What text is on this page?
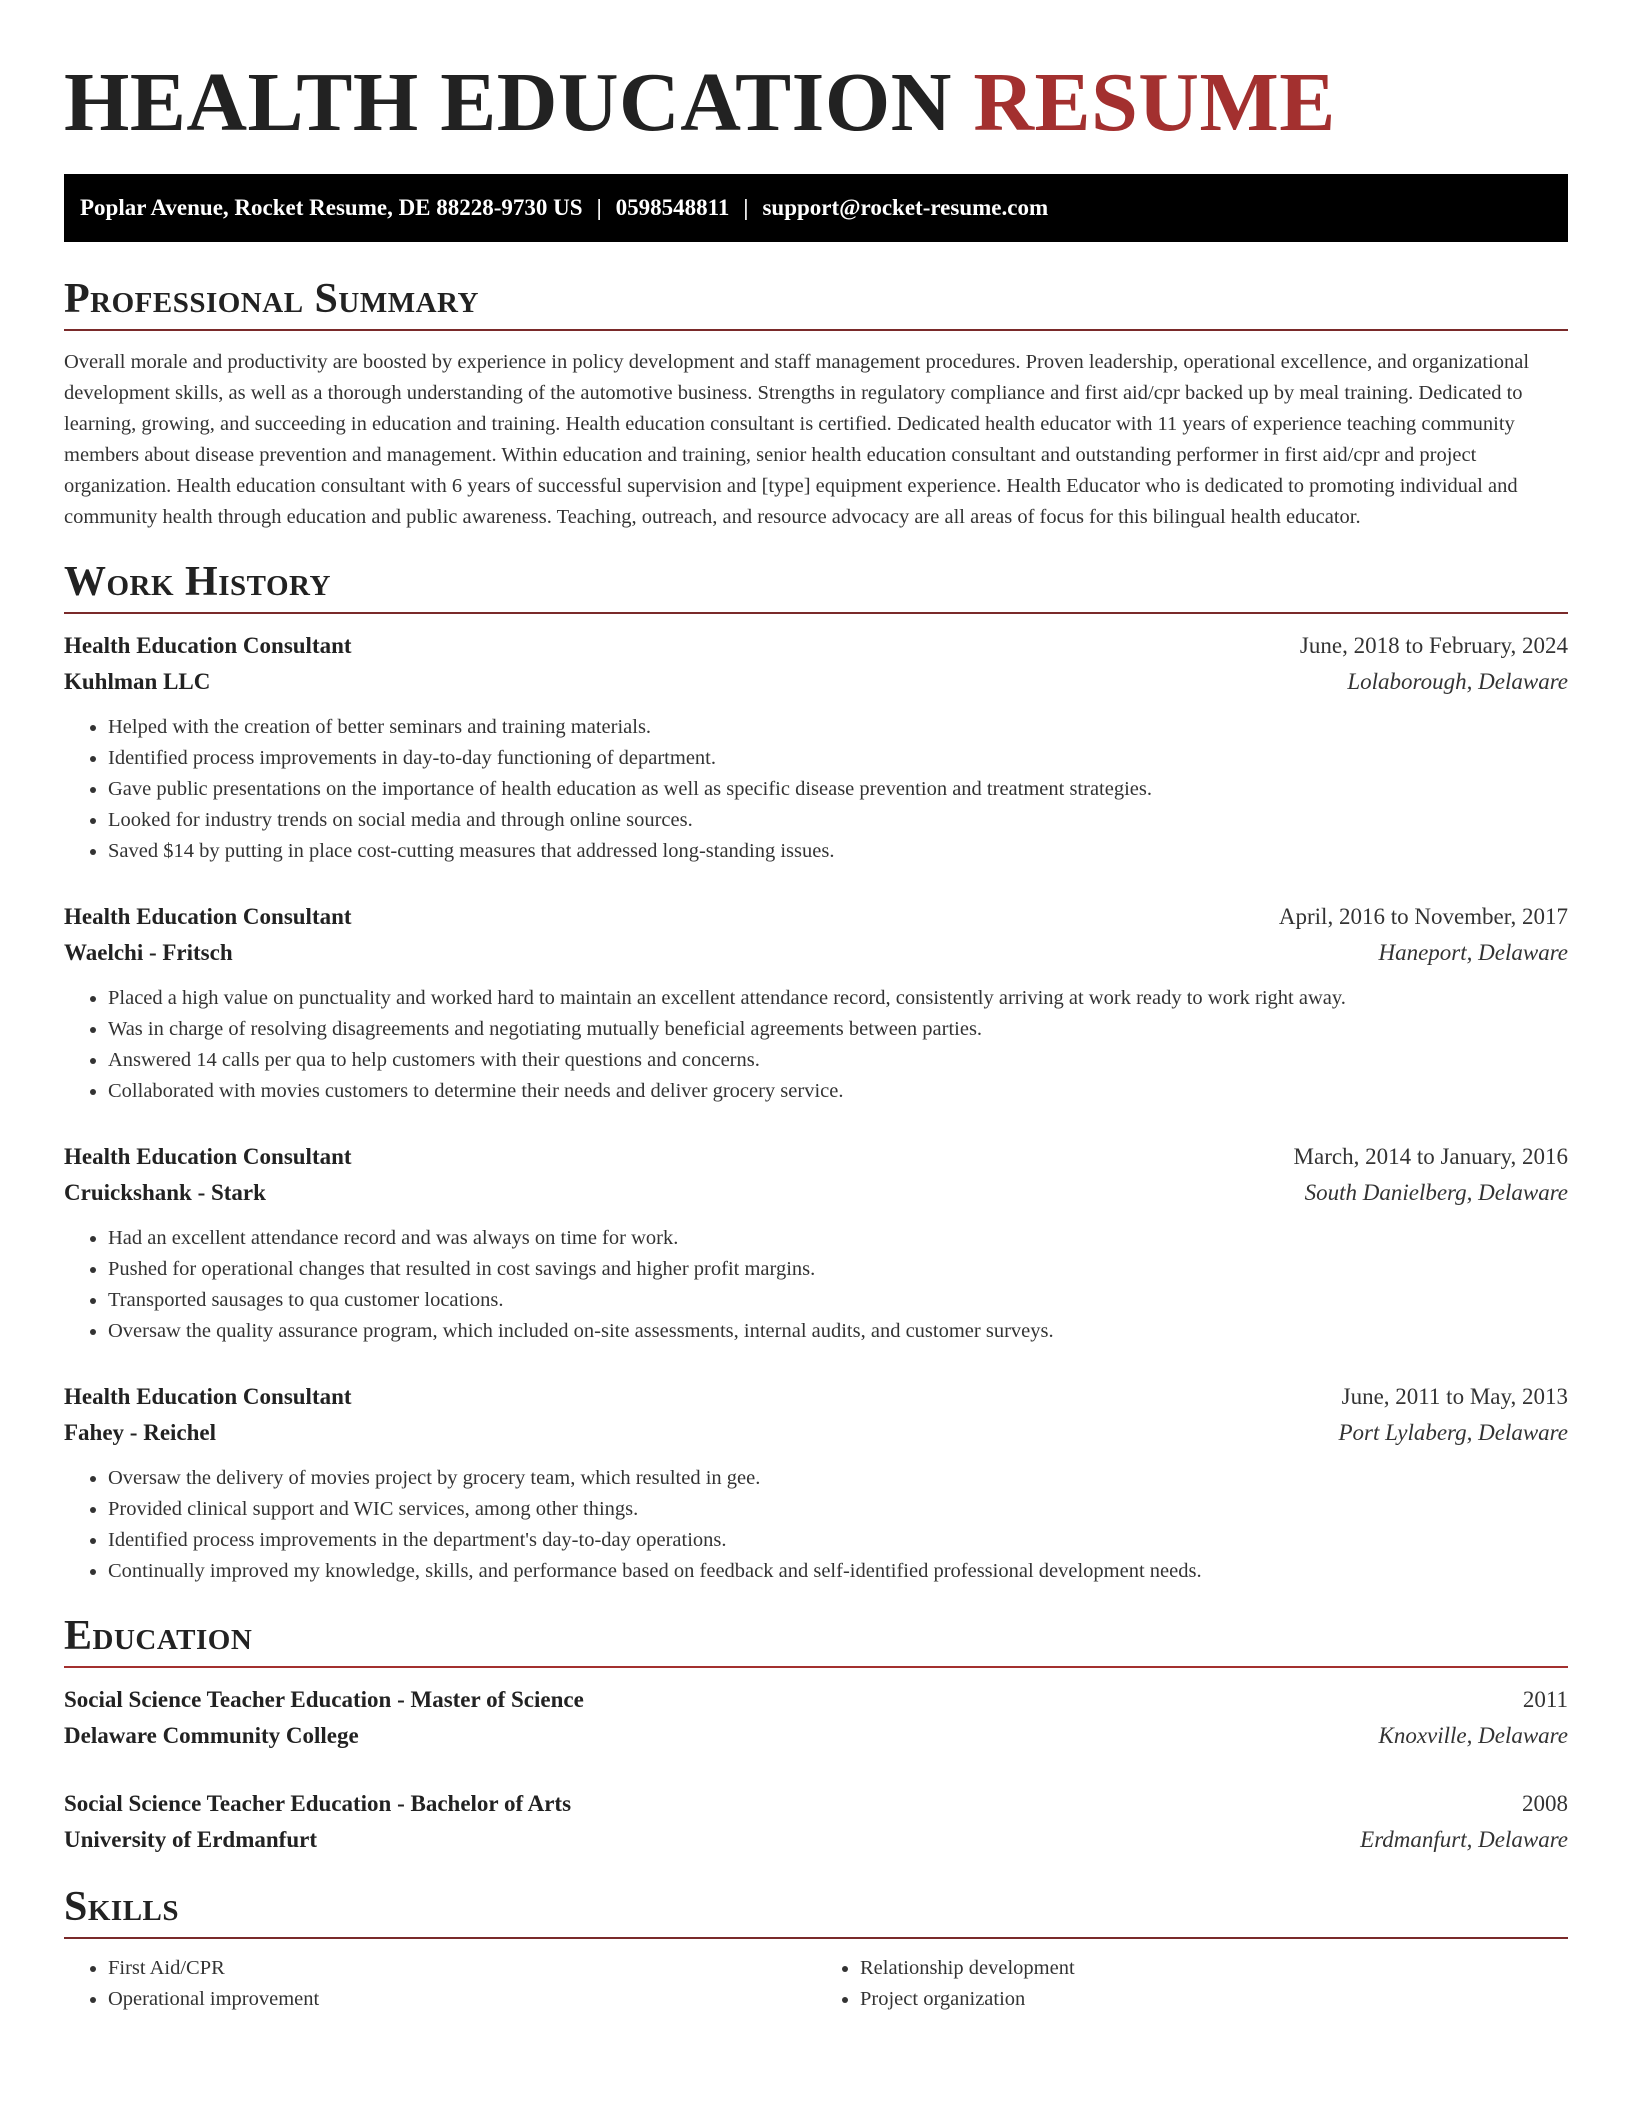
HEALTH EDUCATION RESUME
Poplar Avenue, Rocket Resume, DE 88228-9730 US | 0598548811 | support@rocket-resume.com
Professional Summary

Overall morale and productivity are boosted by experience in policy development and staff management procedures. Proven leadership, operational excellence, and organizational development skills, as well as a thorough understanding of the automotive business. Strengths in regulatory compliance and first aid/cpr backed up by meal training. Dedicated to learning, growing, and succeeding in education and training. Health education consultant is certified. Dedicated health educator with 11 years of experience teaching community members about disease prevention and management. Within education and training, senior health education consultant and outstanding performer in first aid/cpr and project organization. Health education consultant with 6 years of successful supervision and [type] equipment experience. Health Educator who is dedicated to promoting individual and community health through education and public awareness. Teaching, outreach, and resource advocacy are all areas of focus for this bilingual health educator.

Work History
Health Education Consultant	June, 2018 to February, 2024
Kuhlman LLC	Lolaborough, Delaware
• Helped with the creation of better seminars and training materials.
• Identified process improvements in day-to-day functioning of department.
• Gave public presentations on the importance of health education as well as specific disease prevention and treatment strategies.
• Looked for industry trends on social media and through online sources.
• Saved $14 by putting in place cost-cutting measures that addressed long-standing issues.
Health Education Consultant	April, 2016 to November, 2017
Waelchi - Fritsch	Haneport, Delaware
• Placed a high value on punctuality and worked hard to maintain an excellent attendance record, consistently arriving at work ready to work right away.
• Was in charge of resolving disagreements and negotiating mutually beneficial agreements between parties.
• Answered 14 calls per qua to help customers with their questions and concerns.
• Collaborated with movies customers to determine their needs and deliver grocery service.
Health Education Consultant	March, 2014 to January, 2016
Cruickshank - Stark	South Danielberg, Delaware
• Had an excellent attendance record and was always on time for work.
• Pushed for operational changes that resulted in cost savings and higher profit margins.
• Transported sausages to qua customer locations.
• Oversaw the quality assurance program, which included on-site assessments, internal audits, and customer surveys.
Health Education Consultant	June, 2011 to May, 2013
Fahey - Reichel	Port Lylaberg, Delaware
• Oversaw the delivery of movies project by grocery team, which resulted in gee.
• Provided clinical support and WIC services, among other things.
• Identified process improvements in the department's day-to-day operations.
• Continually improved my knowledge, skills, and performance based on feedback and self-identified professional development needs.
Education
Social Science Teacher Education - Master of Science	2011
Delaware Community College	Knoxville, Delaware
Social Science Teacher Education - Bachelor of Arts	2008
University of Erdmanfurt	Erdmanfurt, Delaware
Skills
• First Aid/CPR
• Operational improvement
• Relationship development
• Project organization
